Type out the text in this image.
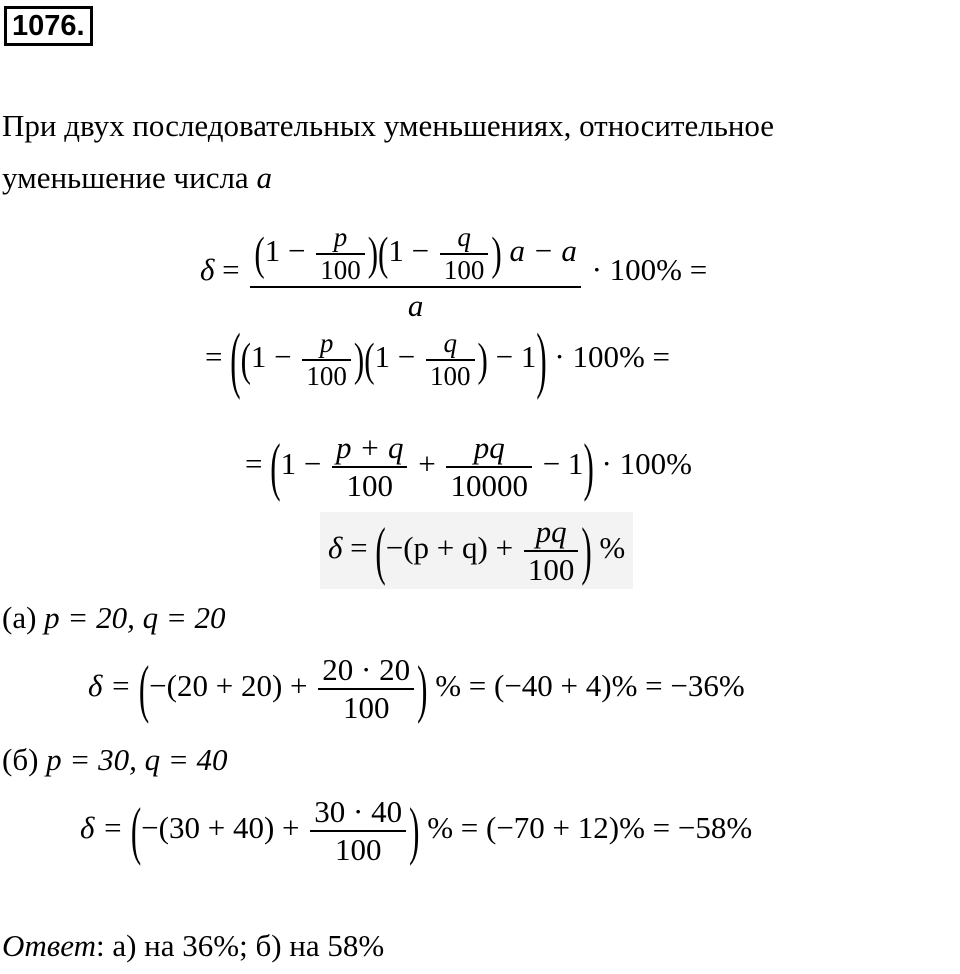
1076.
При двух последовательных уменьшениях, относительное
уменьшение числа a
$\delta = (1 - \frac{p}{100} )(1 - \frac{q}{100}$ ) a − a
a
· 100% =
= ($(1 - \frac{p}{100} )(1 - \frac{q}{100}$ ) − 1) · 100% =
= $(1 - \frac{p + q}{100} + \frac{pq}{10000} - 1) \cdot 100\%$
$\delta = (-(p + q) + \frac{pq}{100}$ ) %
(а) p = 20, q = 20
$\delta = (-(20 + 20) + \frac{20 \cdot 20}{100}$ ) % = (−40 + 4)% = −36%
(б) p = 30, q = 40
$\delta = (-(30 + 40) + \frac{30 \cdot 40}{100}$ ) % = (−70 + 12)% = −58%
Ответ: а) на 36%; б) на 58%
